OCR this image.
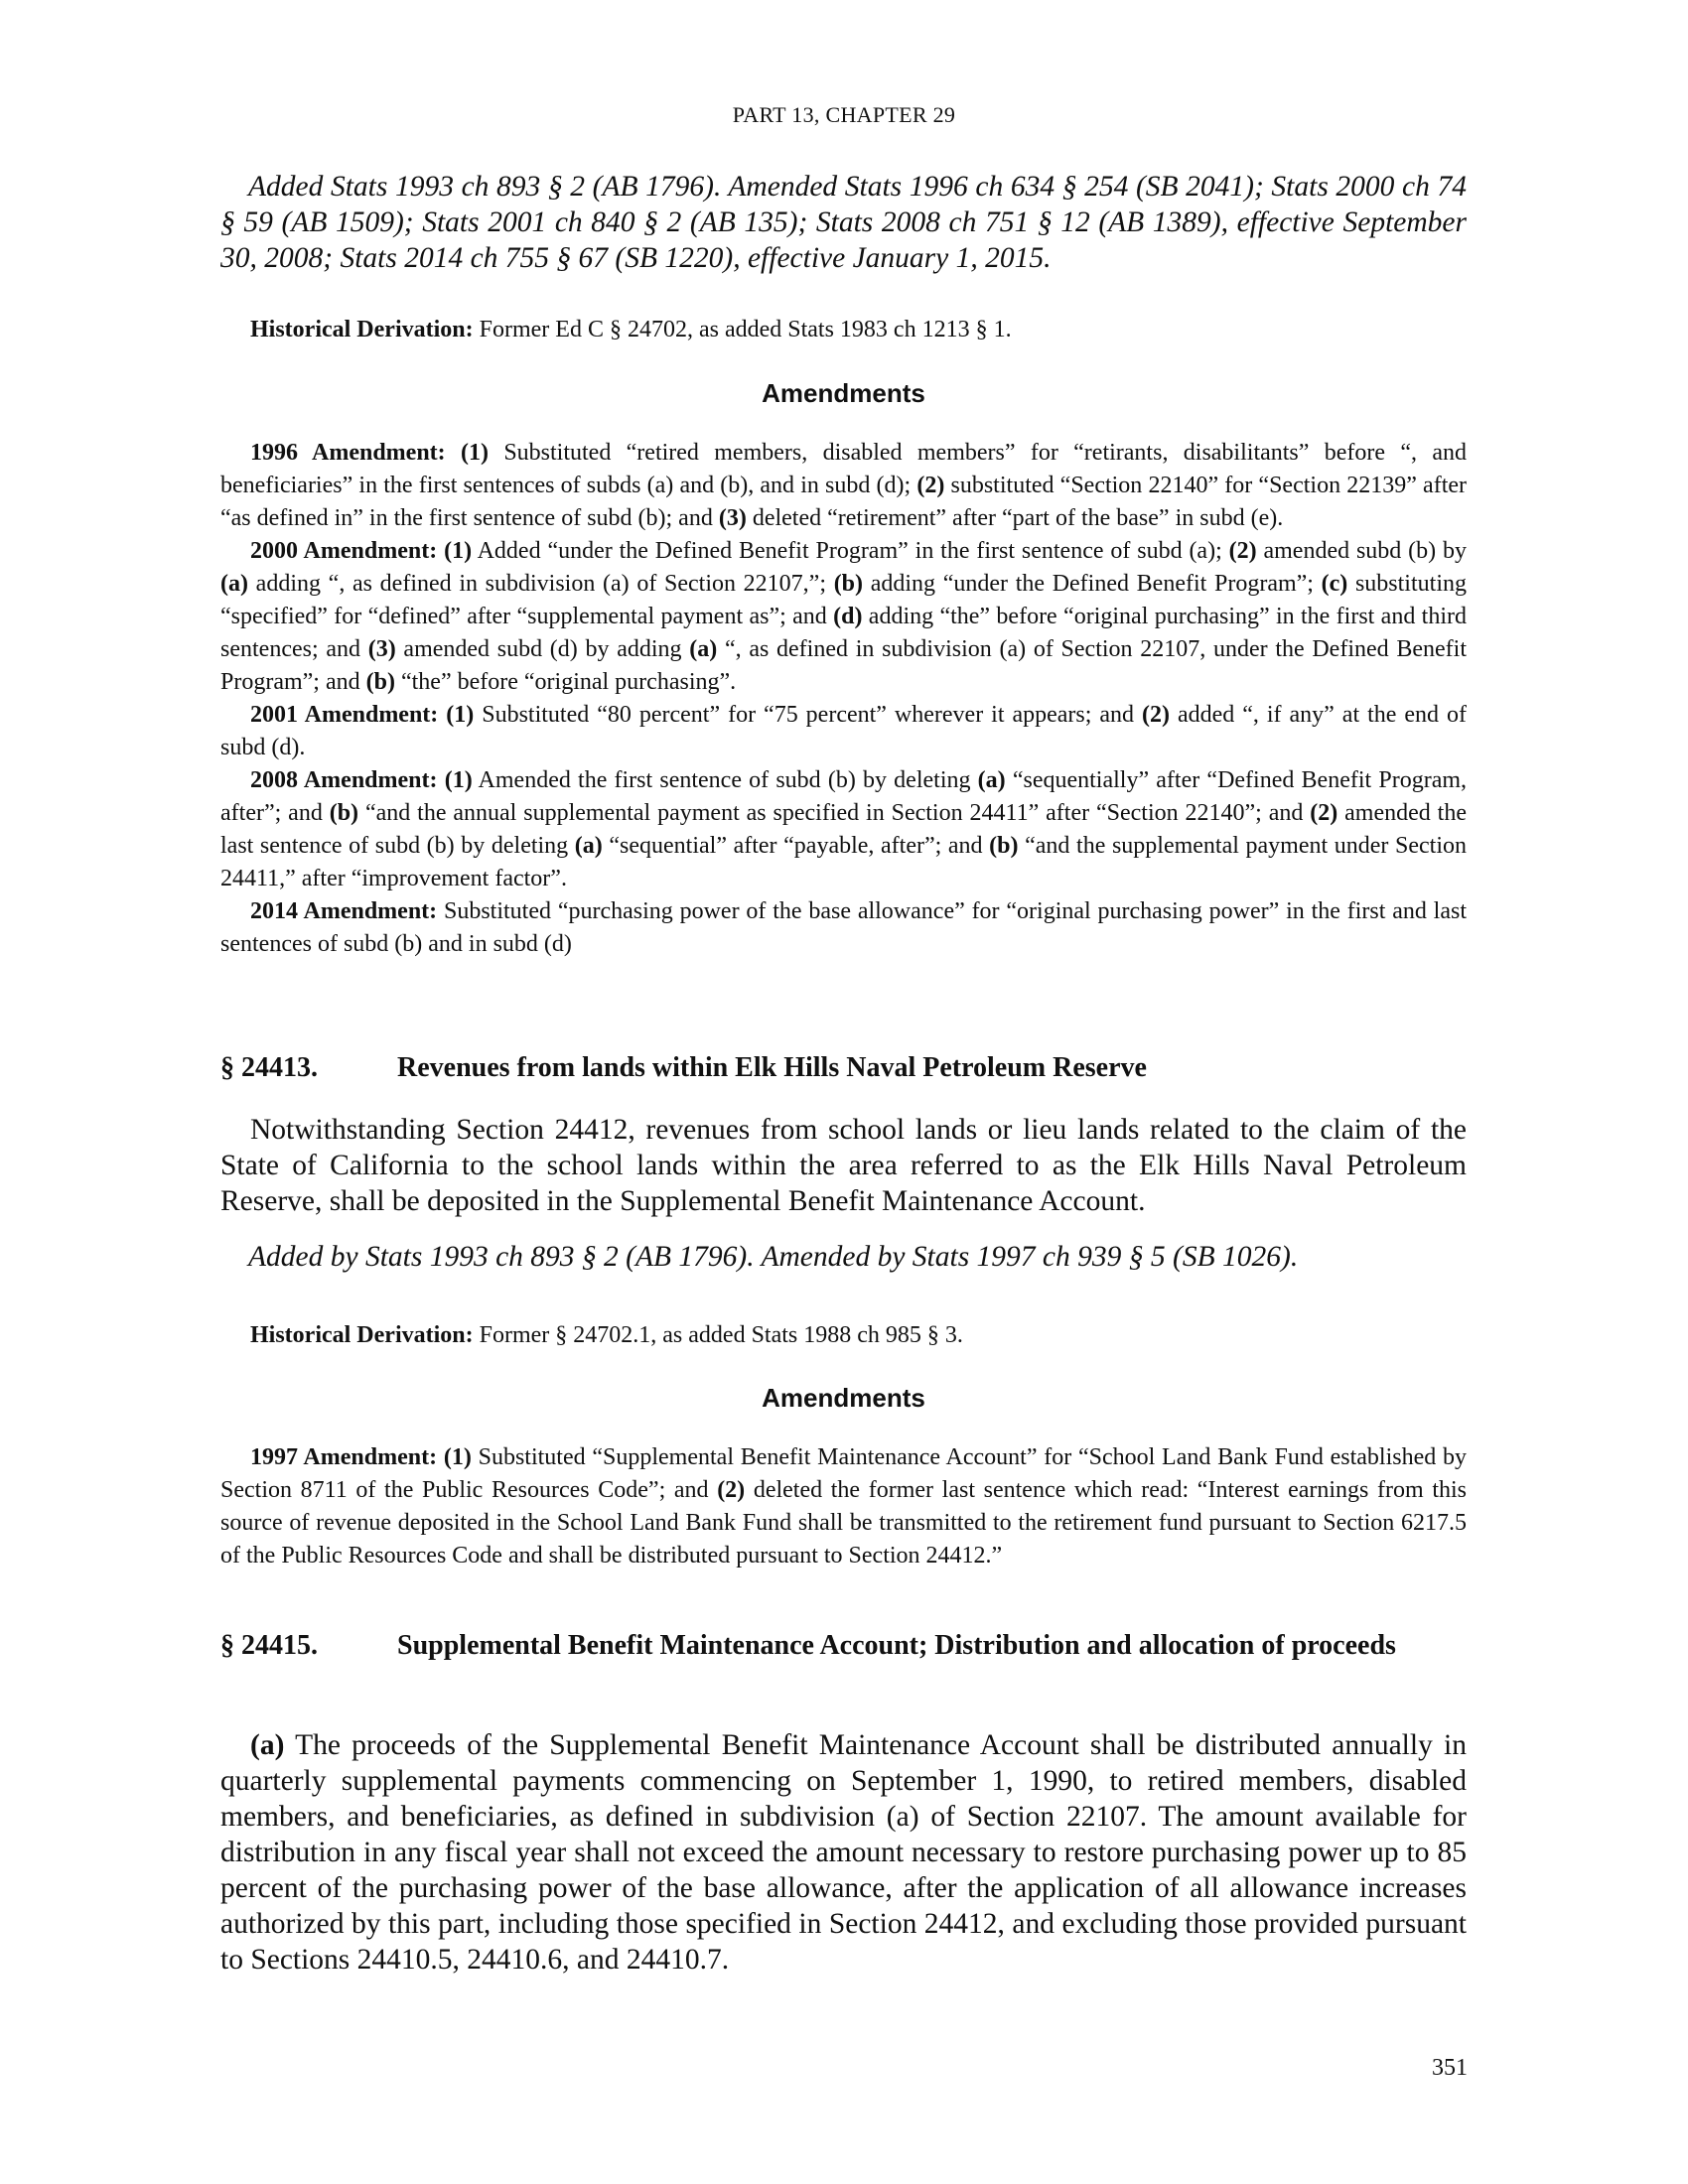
PART 13, CHAPTER 29

Added Stats 1993 ch 893 § 2 (AB 1796). Amended Stats 1996 ch 634 § 254 (SB 2041); Stats 2000 ch 74 § 59 (AB 1509); Stats 2001 ch 840 § 2 (AB 135); Stats 2008 ch 751 § 12 (AB 1389), effective September 30, 2008; Stats 2014 ch 755 § 67 (SB 1220), effective January 1, 2015.

Historical Derivation: Former Ed C § 24702, as added Stats 1983 ch 1213 § 1.

Amendments

1996 Amendment: (1) Substituted “retired members, disabled members” for “retirants, disabilitants” before “, and beneficiaries” in the first sentences of subds (a) and (b), and in subd (d); (2) substituted “Section 22140” for “Section 22139” after “as defined in” in the first sentence of subd (b); and (3) deleted “retirement” after “part of the base” in subd (e).

2000 Amendment: (1) Added “under the Defined Benefit Program” in the first sentence of subd (a); (2) amended subd (b) by (a) adding “, as defined in subdivision (a) of Section 22107,”; (b) adding “under the Defined Benefit Program”; (c) substituting “specified” for “defined” after “supplemental payment as”; and (d) adding “the” before “original purchasing” in the first and third sentences; and (3) amended subd (d) by adding (a) “, as defined in subdivision (a) of Section 22107, under the Defined Benefit Program”; and (b) “the” before “original purchasing”.

2001 Amendment: (1) Substituted “80 percent” for “75 percent” wherever it appears; and (2) added “, if any” at the end of subd (d).

2008 Amendment: (1) Amended the first sentence of subd (b) by deleting (a) “sequentially” after “Defined Benefit Program, after”; and (b) “and the annual supplemental payment as specified in Section 24411” after “Section 22140”; and (2) amended the last sentence of subd (b) by deleting (a) “sequential” after “payable, after”; and (b) “and the supplemental payment under Section 24411,” after “improvement factor”.

2014 Amendment: Substituted “purchasing power of the base allowance” for “original purchasing power” in the first and last sentences of subd (b) and in subd (d)

§ 24413.	Revenues from lands within Elk Hills Naval Petroleum Reserve

Notwithstanding Section 24412, revenues from school lands or lieu lands related to the claim of the State of California to the school lands within the area referred to as the Elk Hills Naval Petroleum Reserve, shall be deposited in the Supplemental Benefit Maintenance Account.

Added by Stats 1993 ch 893 § 2 (AB 1796). Amended by Stats 1997 ch 939 § 5 (SB 1026).

Historical Derivation: Former § 24702.1, as added Stats 1988 ch 985 § 3.

Amendments

1997 Amendment: (1) Substituted “Supplemental Benefit Maintenance Account” for “School Land Bank Fund established by Section 8711 of the Public Resources Code”; and (2) deleted the former last sentence which read: “Interest earnings from this source of revenue deposited in the School Land Bank Fund shall be transmitted to the retirement fund pursuant to Section 6217.5 of the Public Resources Code and shall be distributed pursuant to Section 24412.”

§ 24415.	Supplemental Benefit Maintenance Account; Distribution and allocation of proceeds

(a) The proceeds of the Supplemental Benefit Maintenance Account shall be distributed annually in quarterly supplemental payments commencing on September 1, 1990, to retired members, disabled members, and beneficiaries, as defined in subdivision (a) of Section 22107. The amount available for distribution in any fiscal year shall not exceed the amount necessary to restore purchasing power up to 85 percent of the purchasing power of the base allowance, after the application of all allowance increases authorized by this part, including those specified in Section 24412, and excluding those provided pursuant to Sections 24410.5, 24410.6, and 24410.7.

351
